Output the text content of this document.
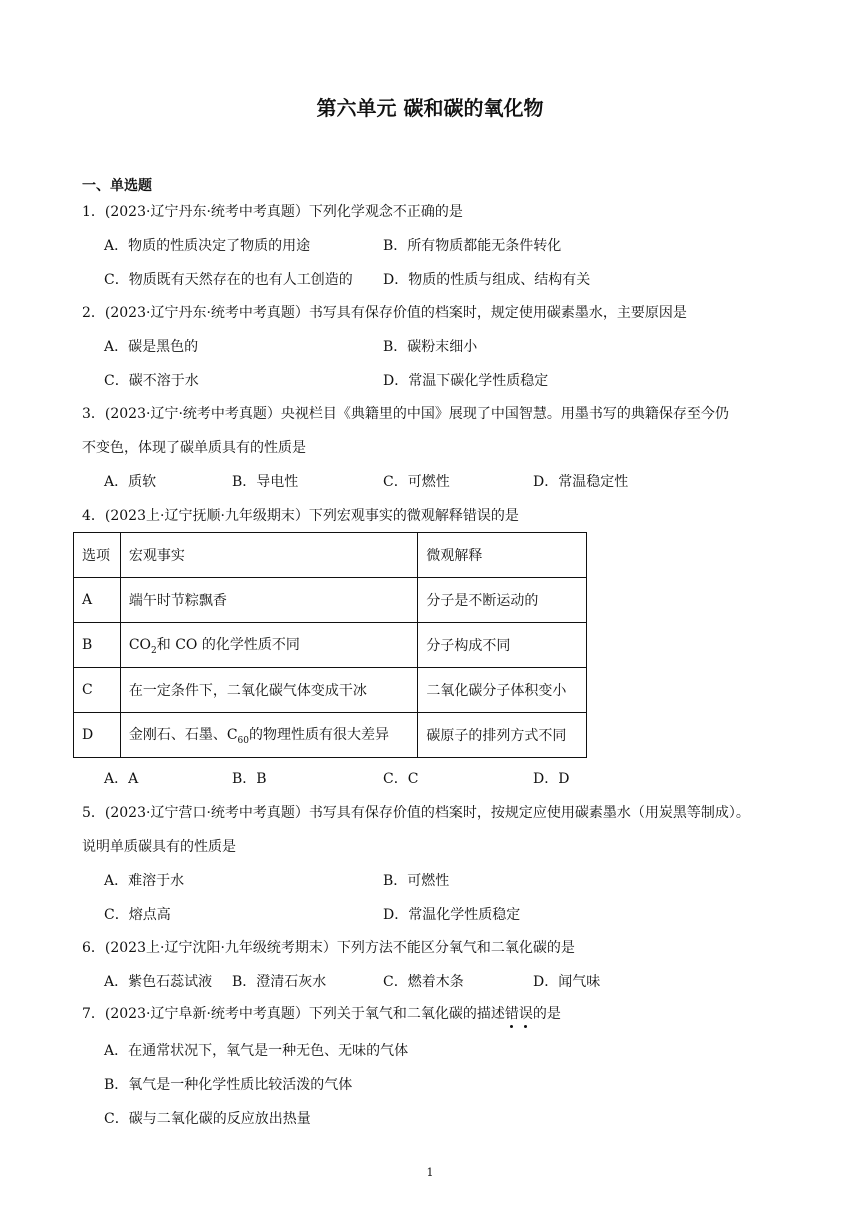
第六单元 碳和碳的氧化物
一、单选题
1．(2023·辽宁丹东·统考中考真题）下列化学观念不正确的是
A．物质的性质决定了物质的用途	B．所有物质都能无条件转化
C．物质既有天然存在的也有人工创造的 D．物质的性质与组成、结构有关
2．(2023·辽宁丹东·统考中考真题）书写具有保存价值的档案时，规定使用碳素墨水，主要原因是
A．碳是黑色的	B．碳粉末细小
C．碳不溶于水	D．常温下碳化学性质稳定
3．(2023·辽宁·统考中考真题）央视栏目《典籍里的中国》展现了中国智慧。用墨书写的典籍保存至今仍
不变色，体现了碳单质具有的性质是
A．质软	B．导电性	C．可燃性	D．常温稳定性
4．(2023上·辽宁抚顺·九年级期末）下列宏观事实的微观解释错误的是
选项	宏观事实	微观解释
A	端午时节粽飘香	分子是不断运动的
B	$CO_2$和 CO 的化学性质不同	分子构成不同
C	在一定条件下，二氧化碳气体变成干冰	二氧化碳分子体积变小
D	金刚石、石墨、$C_{60}$的物理性质有很大差异	碳原子的排列方式不同
A．A	B．B	C．C	D．D
5．(2023·辽宁营口·统考中考真题）书写具有保存价值的档案时，按规定应使用碳素墨水（用炭黑等制成）。
说明单质碳具有的性质是
A．难溶于水	B．可燃性
C．熔点高	D．常温化学性质稳定
6．(2023上·辽宁沈阳·九年级统考期末）下列方法不能区分氧气和二氧化碳的是
A．紫色石蕊试液 B．澄清石灰水	C．燃着木条	D．闻气味
7．(2023·辽宁阜新·统考中考真题）下列关于氧气和二氧化碳的描述错误的是
A．在通常状况下，氧气是一种无色、无味的气体
B．氧气是一种化学性质比较活泼的气体
C．碳与二氧化碳的反应放出热量
1
